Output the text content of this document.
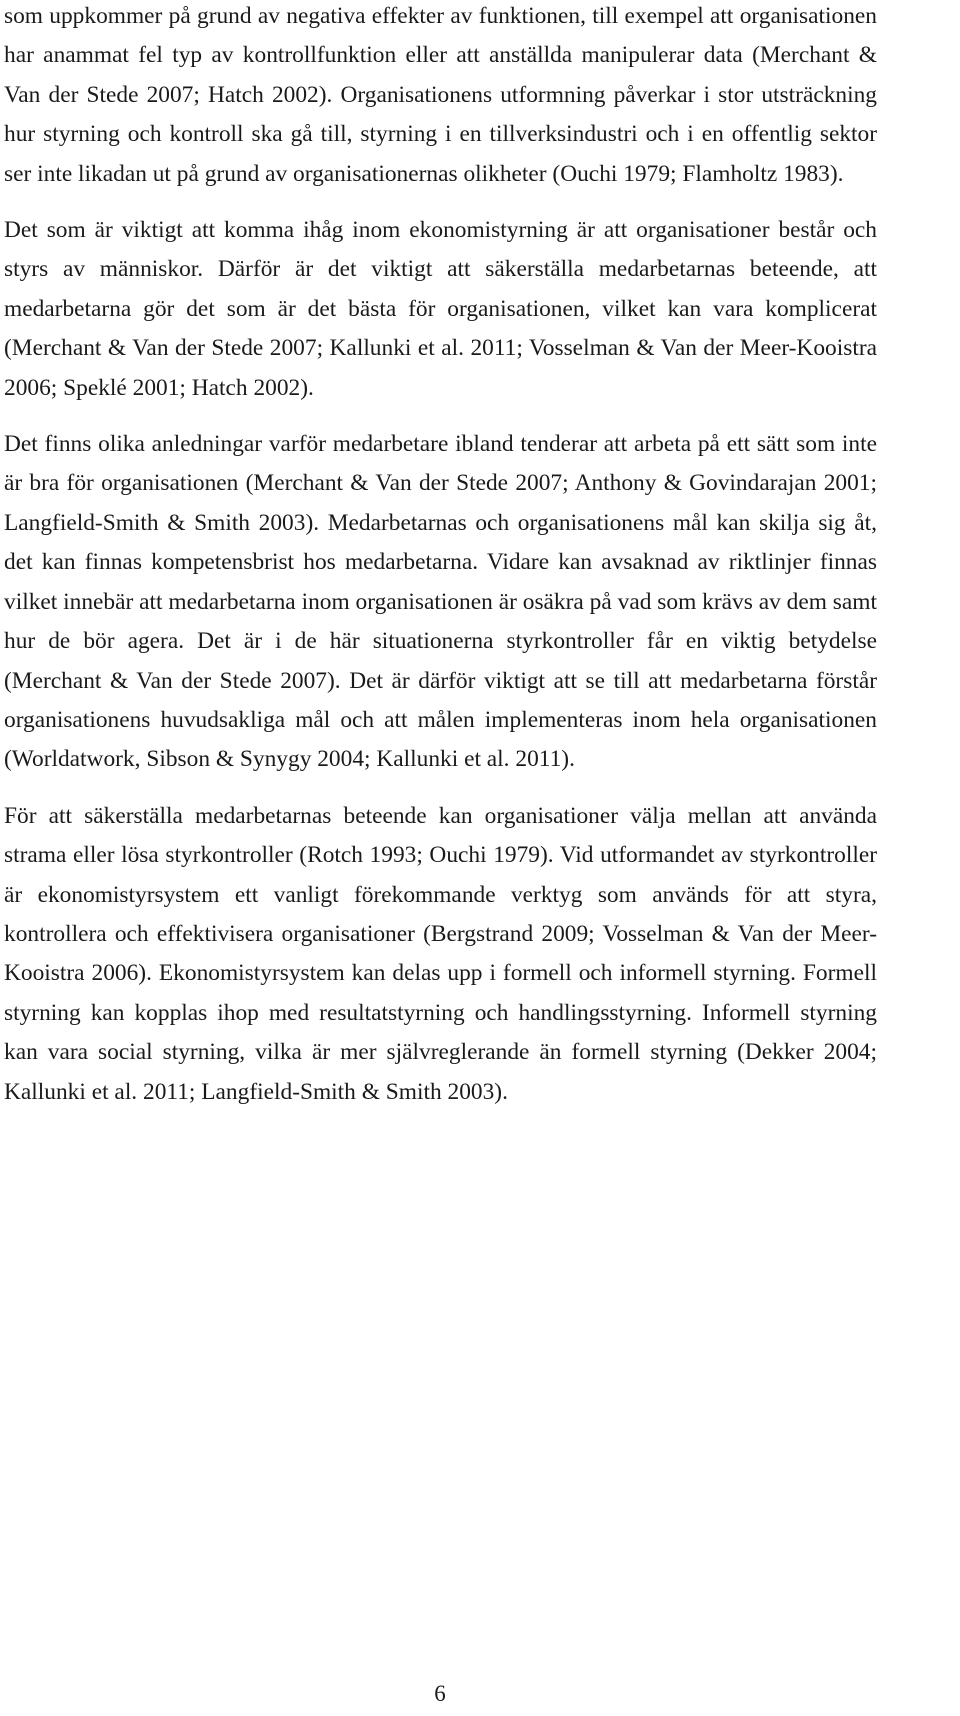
som uppkommer på grund av negativa effekter av funktionen, till exempel att organisationen har anammat fel typ av kontrollfunktion eller att anställda manipulerar data (Merchant & Van der Stede 2007; Hatch 2002). Organisationens utformning påverkar i stor utsträckning hur styrning och kontroll ska gå till, styrning i en tillverksindustri och i en offentlig sektor ser inte likadan ut på grund av organisationernas olikheter (Ouchi 1979; Flamholtz 1983).

Det som är viktigt att komma ihåg inom ekonomistyrning är att organisationer består och styrs av människor. Därför är det viktigt att säkerställa medarbetarnas beteende, att medarbetarna gör det som är det bästa för organisationen, vilket kan vara komplicerat (Merchant & Van der Stede 2007; Kallunki et al. 2011; Vosselman & Van der Meer-Kooistra 2006; Speklé 2001; Hatch 2002).

Det finns olika anledningar varför medarbetare ibland tenderar att arbeta på ett sätt som inte är bra för organisationen (Merchant & Van der Stede 2007; Anthony & Govindarajan 2001; Langfield-Smith & Smith 2003). Medarbetarnas och organisationens mål kan skilja sig åt, det kan finnas kompetensbrist hos medarbetarna. Vidare kan avsaknad av riktlinjer finnas vilket innebär att medarbetarna inom organisationen är osäkra på vad som krävs av dem samt hur de bör agera. Det är i de här situationerna styrkontroller får en viktig betydelse (Merchant & Van der Stede 2007). Det är därför viktigt att se till att medarbetarna förstår organisationens huvudsakliga mål och att målen implementeras inom hela organisationen (Worldatwork, Sibson & Synygy 2004; Kallunki et al. 2011).

För att säkerställa medarbetarnas beteende kan organisationer välja mellan att använda strama eller lösa styrkontroller (Rotch 1993; Ouchi 1979). Vid utformandet av styrkontroller är ekonomistyrsystem ett vanligt förekommande verktyg som används för att styra, kontrollera och effektivisera organisationer (Bergstrand 2009; Vosselman & Van der Meer-Kooistra 2006). Ekonomistyrsystem kan delas upp i formell och informell styrning. Formell styrning kan kopplas ihop med resultatstyrning och handlingsstyrning. Informell styrning kan vara social styrning, vilka är mer självreglerande än formell styrning (Dekker 2004; Kallunki et al. 2011; Langfield-Smith & Smith 2003).

6
